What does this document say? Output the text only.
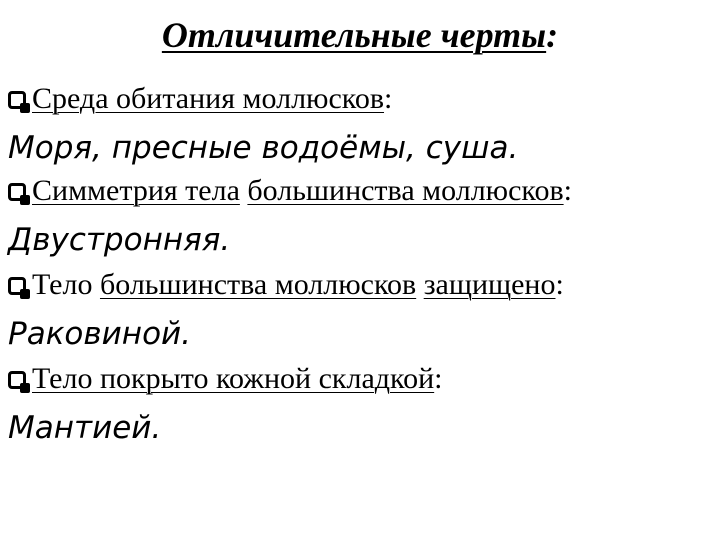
Отличительные черты:
Среда обитания моллюсков :
Моря, пресные водоёмы, суша.
Симметрия тела
большинства моллюсков :
Двустронняя.
Тело
большинства моллюсков
защищено :
Раковиной.
Тело покрыто кожной складкой :
Мантией.
